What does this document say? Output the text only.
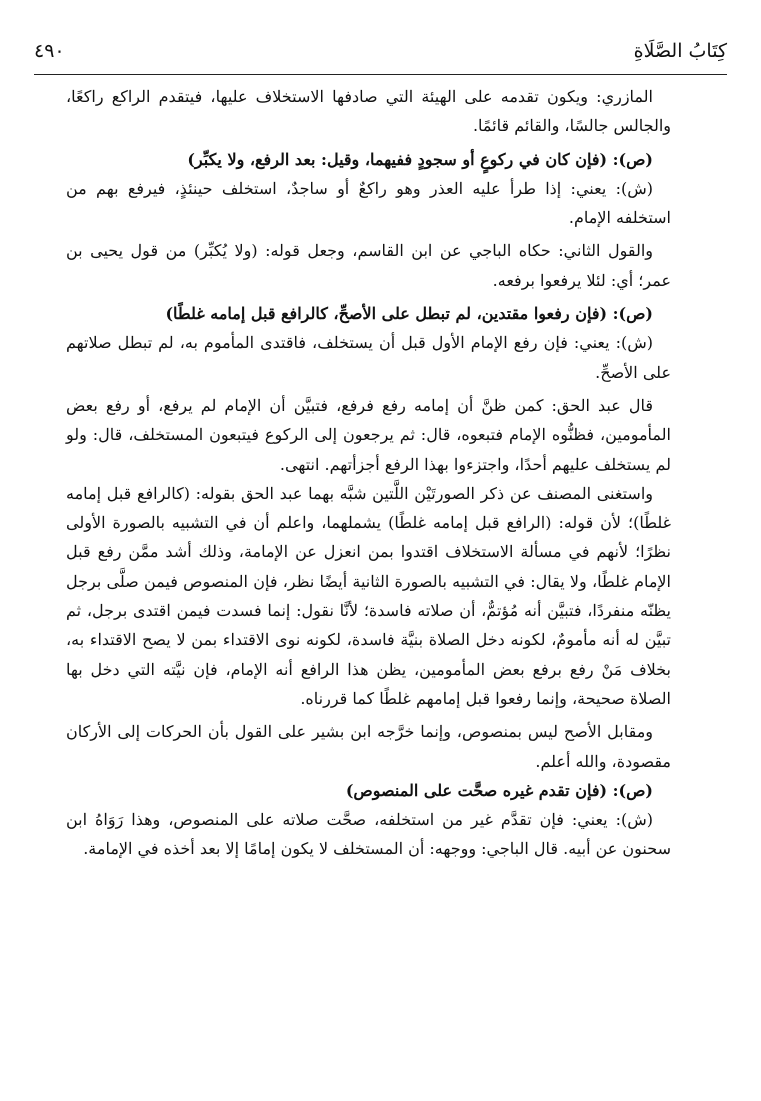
كِتَابُ الصَّلَاةِ
٤٩٠

المازري: ويكون تقدمه على الهيئة التي صادفها الاستخلاف عليها، فيتقدم الراكع راكعًا، والجالس جالسًا، والقائم قائمًا.

(ص): (فإن كان في ركوعٍ أو سجودٍ ففيهما، وقيل: بعد الرفع، ولا يكبِّر)

(ش): يعني: إذا طرأ عليه العذر وهو راكعٌ أو ساجدٌ، استخلف حينئذٍ، فيرفع بهم من استخلفه الإمام.

والقول الثاني: حكاه الباجي عن ابن القاسم، وجعل قوله: (ولا يُكبِّر) من قول يحيى بن عمر؛ أي: لئلا يرفعوا برفعه.

(ص): (فإن رفعوا مقتدين، لم تبطل على الأصحِّ، كالرافع قبل إمامه غلطًا)

(ش): يعني: فإن رفع الإمام الأول قبل أن يستخلف، فاقتدى المأموم به، لم تبطل صلاتهم على الأصحِّ.

قال عبد الحق: كمن ظنَّ أن إمامه رفع فرفع، فتبيَّن أن الإمام لم يرفع، أو رفع بعض المأمومين، فظنُّوه الإمام فتبعوه، قال: ثم يرجعون إلى الركوع فيتبعون المستخلف، قال: ولو لم يستخلف عليهم أحدًا، واجتزءوا بهذا الرفع أجزأتهم. انتهى.

واستغنى المصنف عن ذكر الصورتَيْن اللَّتين شبَّه بهما عبد الحق بقوله: (كالرافع قبل إمامه غلطًا)؛ لأن قوله: (الرافع قبل إمامه غلطًا) يشملهما، واعلم أن في التشبيه بالصورة الأولى نظرًا؛ لأنهم في مسألة الاستخلاف اقتدوا بمن انعزل عن الإمامة، وذلك أشد ممَّن رفع قبل الإمام غلطًا، ولا يقال: في التشبيه بالصورة الثانية أيضًا نظر، فإن المنصوص فيمن صلَّى برجل يظنّه منفردًا، فتبيَّن أنه مُؤتمٌّ، أن صلاته فاسدة؛ لأنَّا نقول: إنما فسدت فيمن اقتدى برجل، ثم تبيَّن له أنه مأمومٌ، لكونه دخل الصلاة بنيَّة فاسدة، لكونه نوى الاقتداء بمن لا يصح الاقتداء به، بخلاف مَنْ رفع برفع بعض المأمومين، يظن هذا الرافع أنه الإمام، فإن نيَّته التي دخل بها الصلاة صحيحة، وإنما رفعوا قبل إمامهم غلطًا كما قررناه.

ومقابل الأصح ليس بمنصوص، وإنما خرَّجه ابن بشير على القول بأن الحركات إلى الأركان مقصودة، والله أعلم.

(ص): (فإن تقدم غيره صحَّت على المنصوص)

(ش): يعني: فإن تقدَّم غير من استخلفه، صحَّت صلاته على المنصوص، وهذا رَوَاهُ ابن سحنون عن أبيه. قال الباجي: ووجهه: أن المستخلف لا يكون إمامًا إلا بعد أخذه في الإمامة.
